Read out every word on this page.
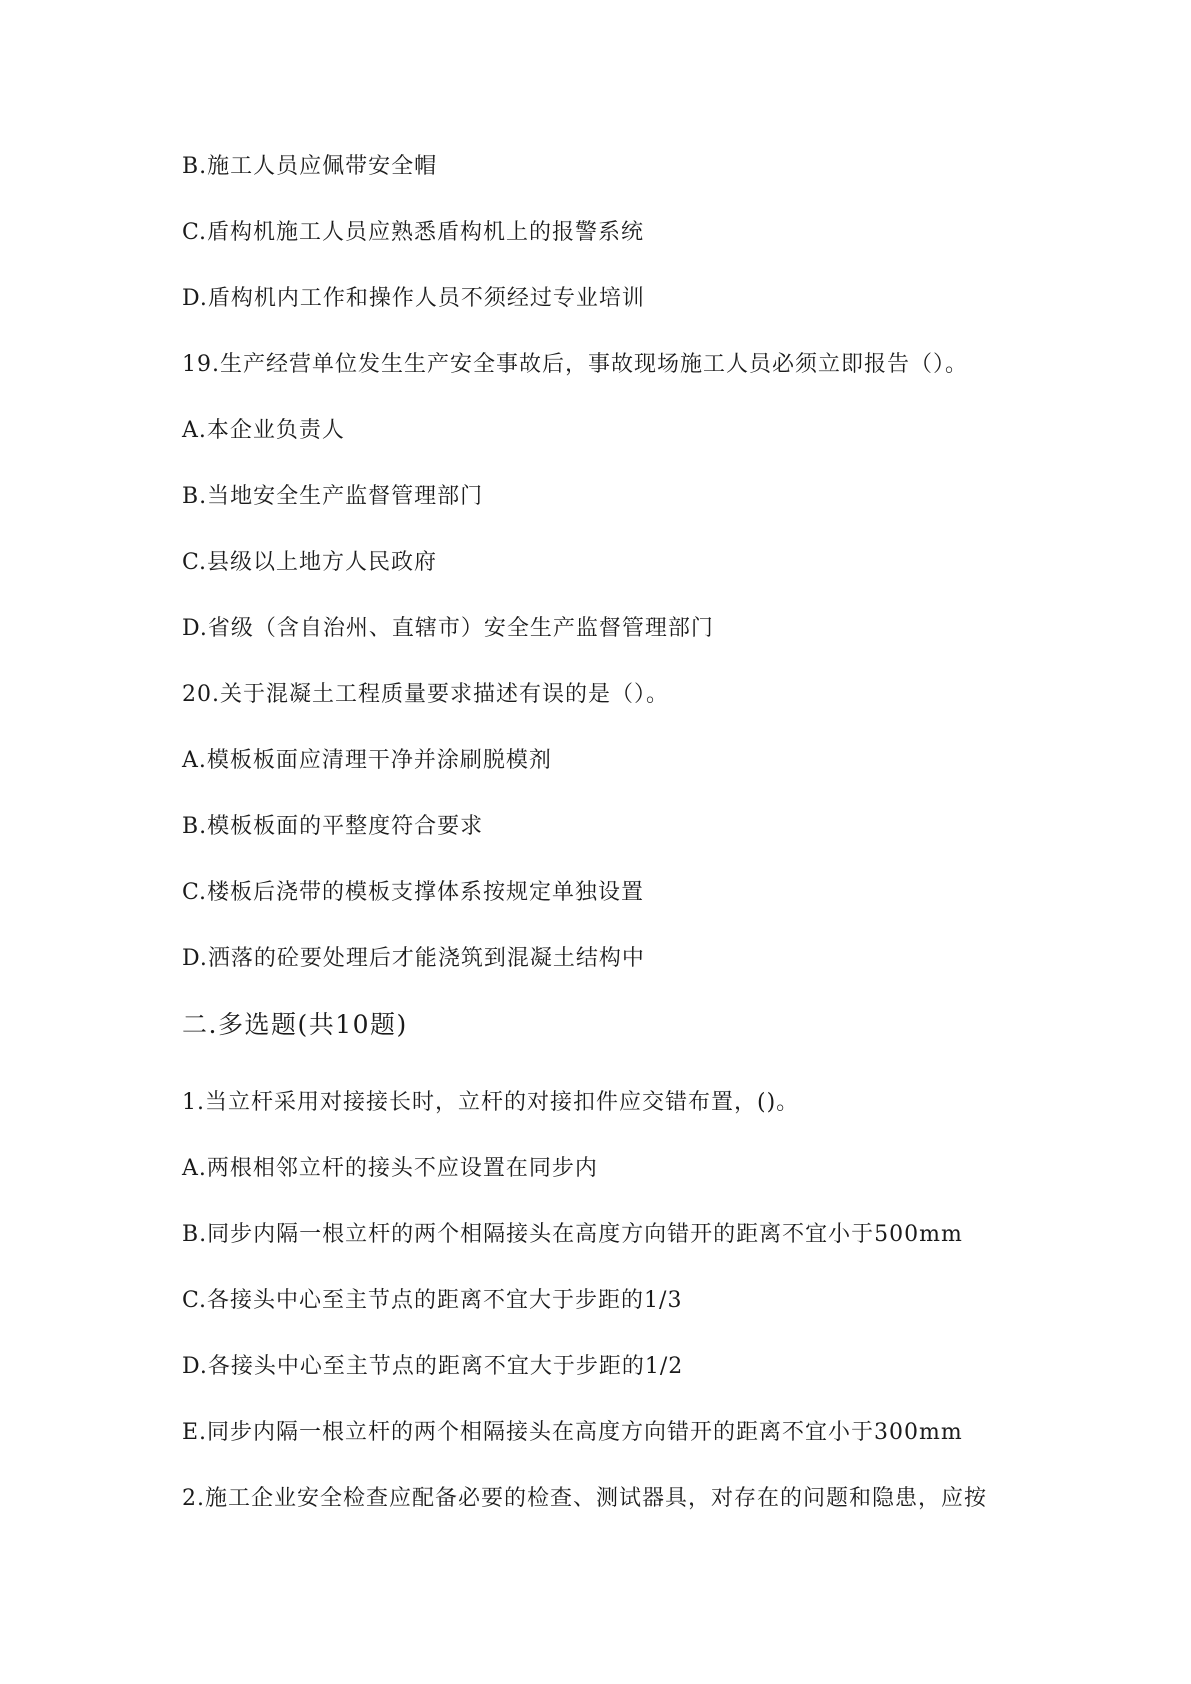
B.施工人员应佩带安全帽
C.盾构机施工人员应熟悉盾构机上的报警系统
D.盾构机内工作和操作人员不须经过专业培训
19.生产经营单位发生生产安全事故后，事故现场施工人员必须立即报告（）。
A.本企业负责人
B.当地安全生产监督管理部门
C.县级以上地方人民政府
D.省级（含自治州、直辖市）安全生产监督管理部门
20.关于混凝土工程质量要求描述有误的是（）。
A.模板板面应清理干净并涂刷脱模剂
B.模板板面的平整度符合要求
C.楼板后浇带的模板支撑体系按规定单独设置
D.洒落的砼要处理后才能浇筑到混凝土结构中
二.多选题(共10题)
1.当立杆采用对接接长时，立杆的对接扣件应交错布置，()。
A.两根相邻立杆的接头不应设置在同步内
B.同步内隔一根立杆的两个相隔接头在高度方向错开的距离不宜小于500mm
C.各接头中心至主节点的距离不宜大于步距的1/3
D.各接头中心至主节点的距离不宜大于步距的1/2
E.同步内隔一根立杆的两个相隔接头在高度方向错开的距离不宜小于300mm
2.施工企业安全检查应配备必要的检查、测试器具，对存在的问题和隐患，应按
